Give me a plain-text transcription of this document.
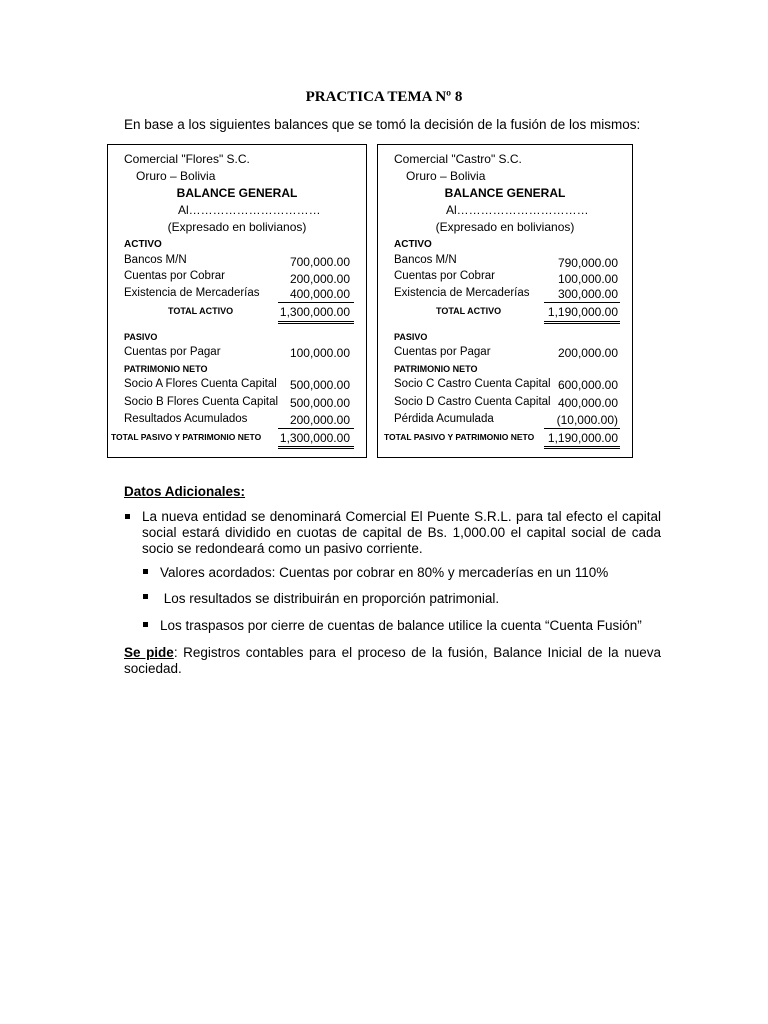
PRACTICA TEMA Nº 8
En base a los siguientes balances que se tomó la decisión de la fusión de los mismos:
Comercial "Flores" S.C.
Oruro – Bolivia
BALANCE GENERAL
Al……………………………
(Expresado en bolivianos)
ACTIVO
Bancos M/N	700,000.00
Cuentas por Cobrar	200,000.00
Existencia de Mercaderías	400,000.00
TOTAL ACTIVO	1,300,000.00
PASIVO
Cuentas por Pagar	100,000.00
PATRIMONIO NETO
Socio A Flores Cuenta Capital 500,000.00
Socio B Flores Cuenta Capital 500,000.00
Resultados Acumulados	200,000.00
TOTAL PASIVO Y PATRIMONIO NETO 1,300,000.00
Comercial "Castro" S.C.
Oruro – Bolivia
BALANCE GENERAL
Al……………………………
(Expresado en bolivianos)
ACTIVO
Bancos M/N	790,000.00
Cuentas por Cobrar	100,000.00
Existencia de Mercaderías 300,000.00
TOTAL ACTIVO	1,190,000.00
PASIVO
Cuentas por Pagar	200,000.00
PATRIMONIO NETO
Socio C Castro Cuenta Capital 600,000.00
Socio D Castro Cuenta Capital 400,000.00
Pérdida Acumulada	(10,000.00)
TOTAL PASIVO Y PATRIMONIO NETO 1,190,000.00
Datos Adicionales:
La nueva entidad se denominará Comercial El Puente S.R.L. para tal efecto el capital social estará dividido en cuotas de capital de Bs. 1,000.00 el capital social de cada socio se redondeará como un pasivo corriente.
Valores acordados: Cuentas por cobrar en 80% y mercaderías en un 110%
Los resultados se distribuirán en proporción patrimonial.
Los traspasos por cierre de cuentas de balance utilice la cuenta “Cuenta Fusión”
Se pide: Registros contables para el proceso de la fusión, Balance Inicial de la nueva sociedad.
